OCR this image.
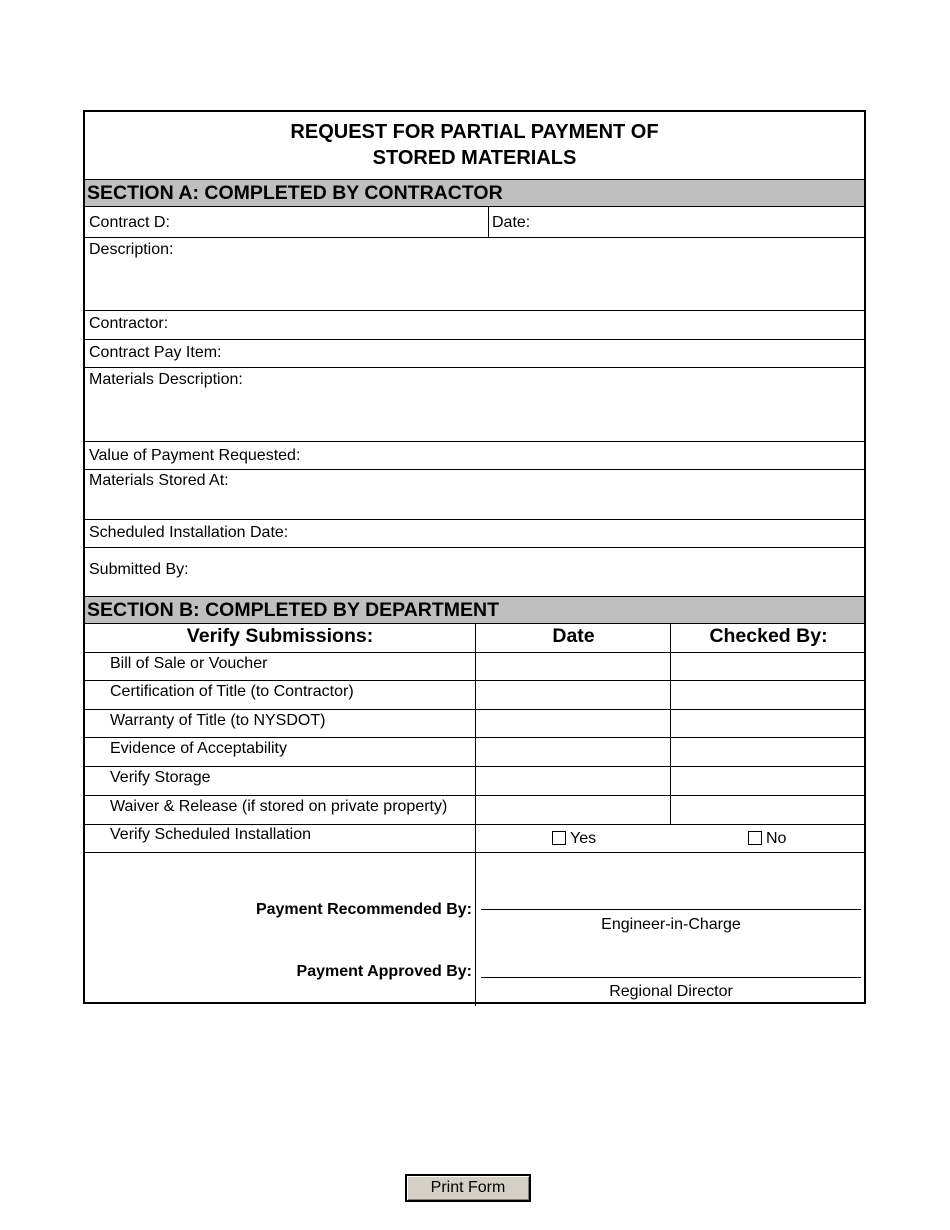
REQUEST FOR PARTIAL PAYMENT OF
STORED MATERIALS
SECTION A: COMPLETED BY CONTRACTOR
Contract D:	Date:
Description:
Contractor:
Contract Pay Item:
Materials Description:
Value of Payment Requested:
Materials Stored At:
Scheduled Installation Date:
Submitted By:
SECTION B: COMPLETED BY DEPARTMENT
Verify Submissions:	Date	Checked By:
Bill of Sale or Voucher
Certification of Title (to Contractor)
Warranty of Title (to NYSDOT)
Evidence of Acceptability
Verify Storage
Waiver & Release (if stored on private property)
Verify Scheduled Installation	Yes	No
Payment Recommended By:
Engineer-in-Charge
Payment Approved By:
Regional Director
Print Form
